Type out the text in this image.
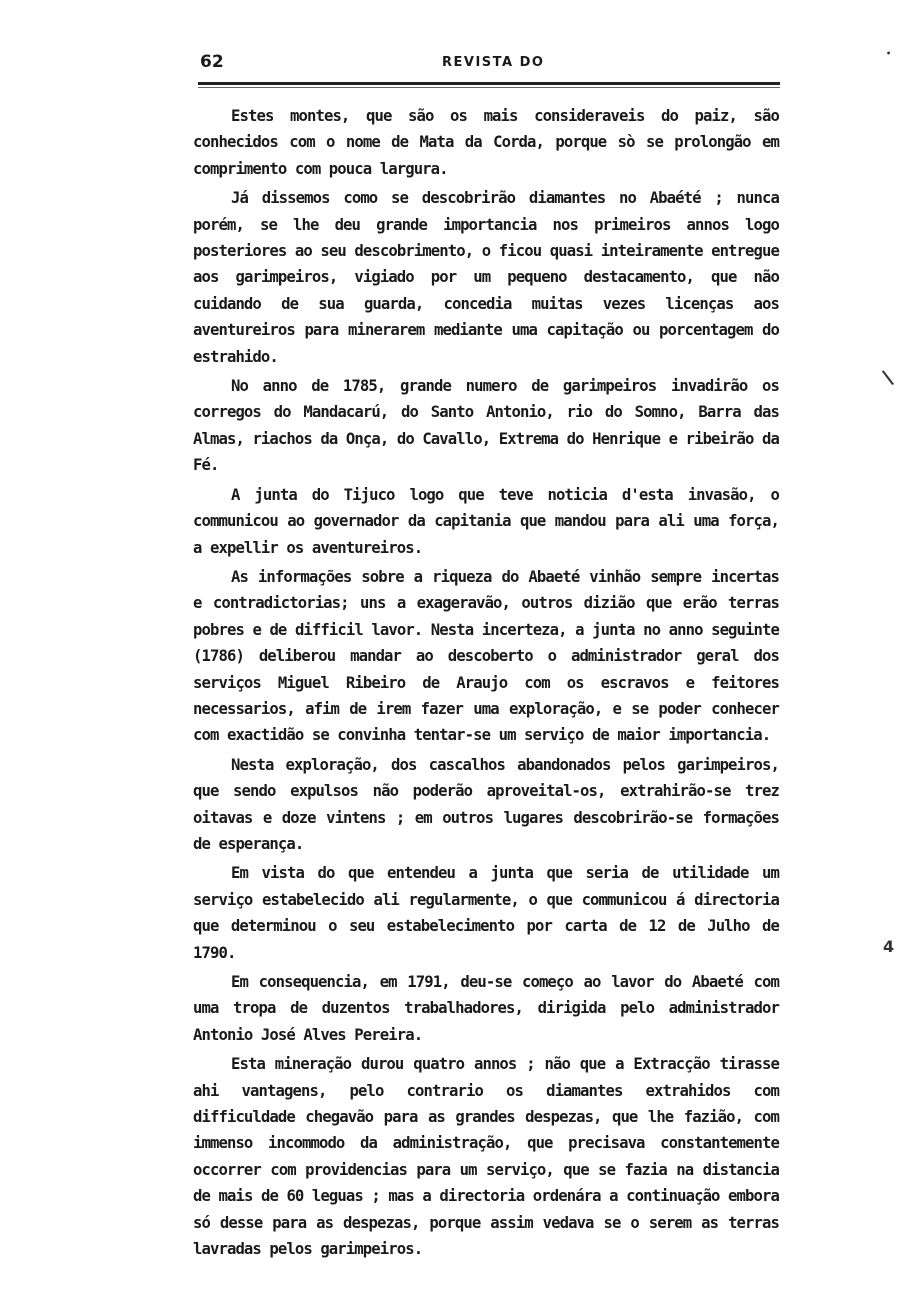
62	REVISTA DO

Estes montes, que são os mais consideraveis do paiz, são conhecidos com o nome de Mata da Corda, porque sò se prolongão em comprimento com pouca largura.

Já dissemos como se descobrirão diamantes no Abaété ; nunca porém, se lhe deu grande importancia nos primeiros annos logo posteriores ao seu descobrimento, o ficou quasi inteiramente entregue aos garimpeiros, vigiado por um pequeno destacamento, que não cuidando de sua guarda, concedia muitas vezes licenças aos aventureiros para minerarem mediante uma capitação ou porcentagem do estrahido.

No anno de 1785, grande numero de garimpeiros invadirão os corregos do Mandacarú, do Santo Antonio, rio do Somno, Barra das Almas, riachos da Onça, do Cavallo, Extrema do Henrique e ribeirão da Fé.

A junta do Tijuco logo que teve noticia d'esta invasão, o communicou ao governador da capitania que mandou para ali uma força, a expellir os aventureiros.

As informações sobre a riqueza do Abaeté vinhão sempre incertas e contradictorias; uns a exageravão, outros dizião que erão terras pobres e de difficil lavor. Nesta incerteza, a junta no anno seguinte (1786) deliberou mandar ao descoberto o administrador geral dos serviços Miguel Ribeiro de Araujo com os escravos e feitores necessarios, afim de irem fazer uma exploração, e se poder conhecer com exactidão se convinha tentar-se um serviço de maior importancia.

Nesta exploração, dos cascalhos abandonados pelos garimpeiros, que sendo expulsos não poderão aproveital-os, extrahirão-se trez oitavas e doze vintens ; em outros lugares descobrirão-se formações de esperança.

Em vista do que entendeu a junta que seria de utilidade um serviço estabelecido ali regularmente, o que communicou á directoria que determinou o seu estabelecimento por carta de 12 de Julho de 1790.

Em consequencia, em 1791, deu-se começo ao lavor do Abaeté com uma tropa de duzentos trabalhadores, dirigida pelo administrador Antonio José Alves Pereira.

Esta mineração durou quatro annos ; não que a Extracção tirasse ahi vantagens, pelo contrario os diamantes extrahidos com difficuldade chegavão para as grandes despezas, que lhe fazião, com immenso incommodo da administração, que precisava constantemente occorrer com providencias para um serviço, que se fazia na distancia de mais de 60 leguas ; mas a directoria ordenára a continuação embora só desse para as despezas, porque assim vedava se o serem as terras lavradas pelos garimpeiros.

•
\
4
